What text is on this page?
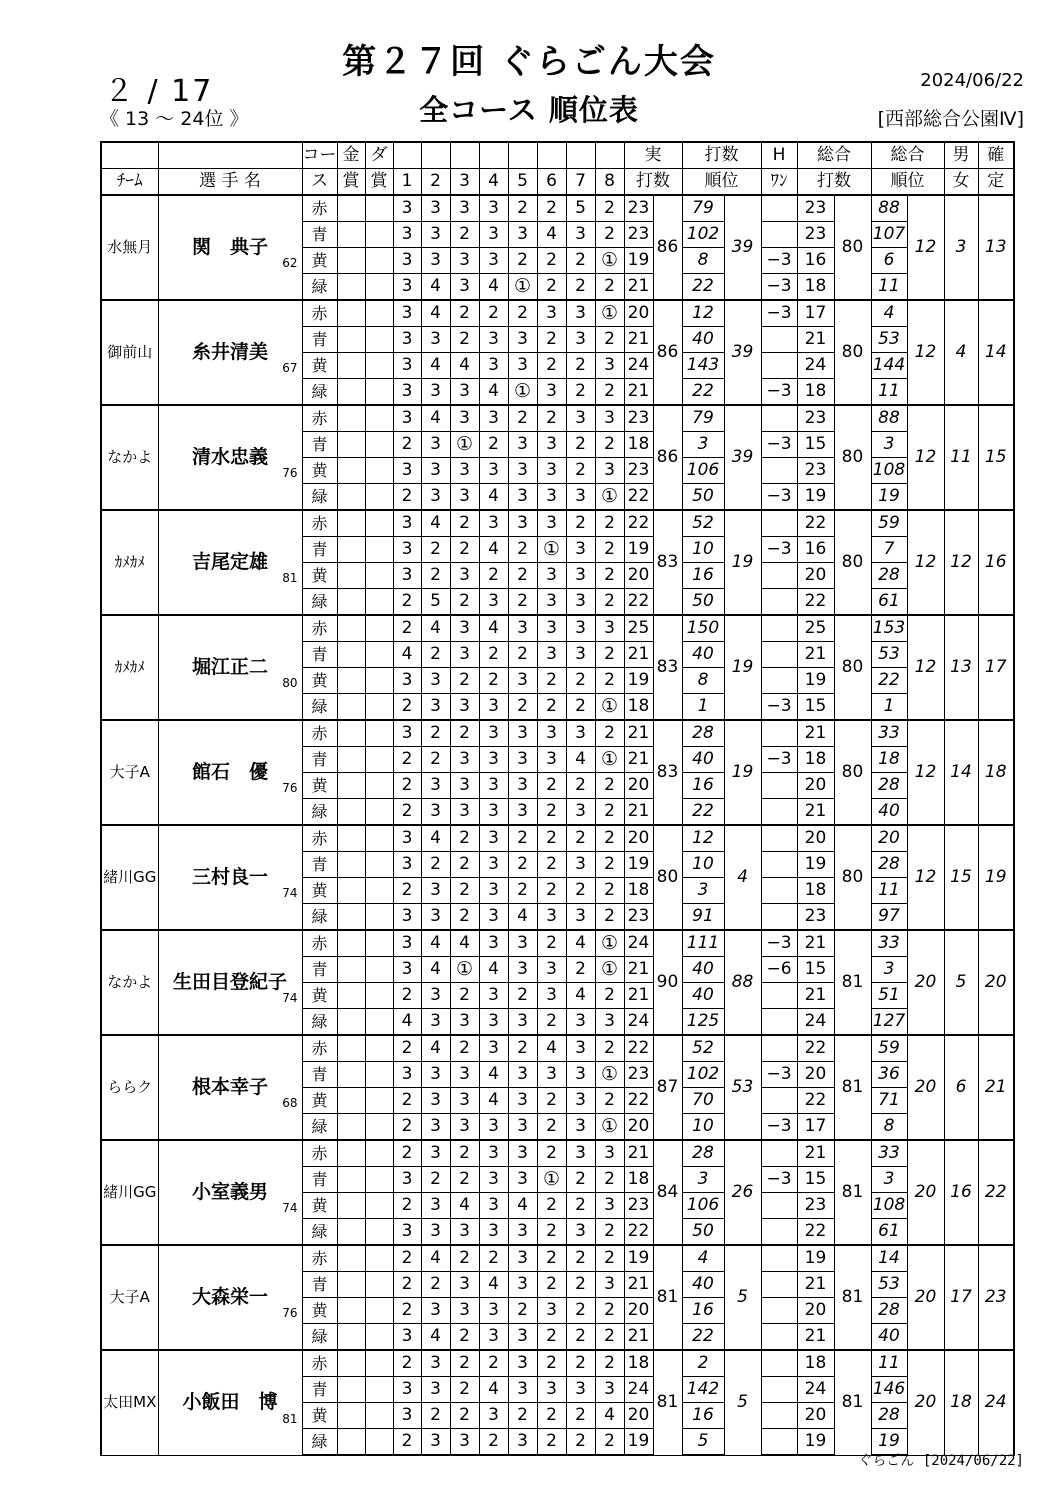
第２７回 ぐらごん大会
全コース 順位表
２ / 17
《 13 ～ 24位 》
2024/06/22
[西部総合公園Ⅳ]
		コー	金	ダ									実		打数		H	総合		総合		男	確
ﾁｰﾑ	選 手 名	ス	賞	賞	1	2	3	4	5	6	7	8	打数		順位		ﾜﾝ	打数		順位		女	定
水無月	関　典子
62	赤			3	3	3	3	2	2	5	2	23	86	79	39		23	80	88	12	3	13
		青			3	3	2	3	3	4	3	2	23		102			23		107			
		黄			3	3	3	3	2	2	2	①	19		8		−3	16		6			
		緑			3	4	3	4	①	2	2	2	21		22		−3	18		11			
御前山	糸井清美
67	赤			3	4	2	2	2	3	3	①	20	86	12	39	−3	17	80	4	12	4	14
		青			3	3	2	3	3	2	3	2	21		40			21		53			
		黄			3	4	4	3	3	2	2	3	24		143			24		144			
		緑			3	3	3	4	①	3	2	2	21		22		−3	18		11			
なかよ	清水忠義
76	赤			3	4	3	3	2	2	3	3	23	86	79	39		23	80	88	12	11	15
		青			2	3	①	2	3	3	2	2	18		3		−3	15		3			
		黄			3	3	3	3	3	3	2	3	23		106			23		108			
		緑			2	3	3	4	3	3	3	①	22		50		−3	19		19			
ｶﾒｶﾒ	吉尾定雄
81	赤			3	4	2	3	3	3	2	2	22	83	52	19		22	80	59	12	12	16
		青			3	2	2	4	2	①	3	2	19		10		−3	16		7			
		黄			3	2	3	2	2	3	3	2	20		16			20		28			
		緑			2	5	2	3	2	3	3	2	22		50			22		61			
ｶﾒｶﾒ	堀江正二
80	赤			2	4	3	4	3	3	3	3	25	83	150	19		25	80	153	12	13	17
		青			4	2	3	2	2	3	3	2	21		40			21		53			
		黄			3	3	2	2	3	2	2	2	19		8			19		22			
		緑			2	3	3	3	2	2	2	①	18		1		−3	15		1			
大子A	館石　優
76	赤			3	2	2	3	3	3	3	2	21	83	28	19		21	80	33	12	14	18
		青			2	2	3	3	3	3	4	①	21		40		−3	18		18			
		黄			2	3	3	3	3	2	2	2	20		16			20		28			
		緑			2	3	3	3	3	2	3	2	21		22			21		40			
緒川GG	三村良一
74	赤			3	4	2	3	2	2	2	2	20	80	12	4		20	80	20	12	15	19
		青			3	2	2	3	2	2	3	2	19		10			19		28			
		黄			2	3	2	3	2	2	2	2	18		3			18		11			
		緑			3	3	2	3	4	3	3	2	23		91			23		97			
なかよ	生田目登紀子
74	赤			3	4	4	3	3	2	4	①	24	90	111	88	−3	21	81	33	20	5	20
		青			3	4	①	4	3	3	2	①	21		40		−6	15		3			
		黄			2	3	2	3	2	3	4	2	21		40			21		51			
		緑			4	3	3	3	3	2	3	3	24		125			24		127			
ららク	根本幸子
68	赤			2	4	2	3	2	4	3	2	22	87	52	53		22	81	59	20	6	21
		青			3	3	3	4	3	3	3	①	23		102		−3	20		36			
		黄			2	3	3	4	3	2	3	2	22		70			22		71			
		緑			2	3	3	3	3	2	3	①	20		10		−3	17		8			
緒川GG	小室義男
74	赤			2	3	2	3	3	2	3	3	21	84	28	26		21	81	33	20	16	22
		青			3	2	2	3	3	①	2	2	18		3		−3	15		3			
		黄			2	3	4	3	4	2	2	3	23		106			23		108			
		緑			3	3	3	3	3	2	3	2	22		50			22		61			
大子A	大森栄一
76	赤			2	4	2	2	3	2	2	2	19	81	4	5		19	81	14	20	17	23
		青			2	2	3	4	3	2	2	3	21		40			21		53			
		黄			2	3	3	3	2	3	2	2	20		16			20		28			
		緑			3	4	2	3	3	2	2	2	21		22			21		40			
太田MX	小飯田　博
81	赤			2	3	2	2	3	2	2	2	18	81	2	5		18	81	11	20	18	24
		青			3	3	2	4	3	3	3	3	24		142			24		146			
		黄			3	2	2	3	2	2	2	4	20		16			20		28			
		緑			2	3	3	2	3	2	2	2	19		5			19		19			
ぐらごん [2024/06/22]
